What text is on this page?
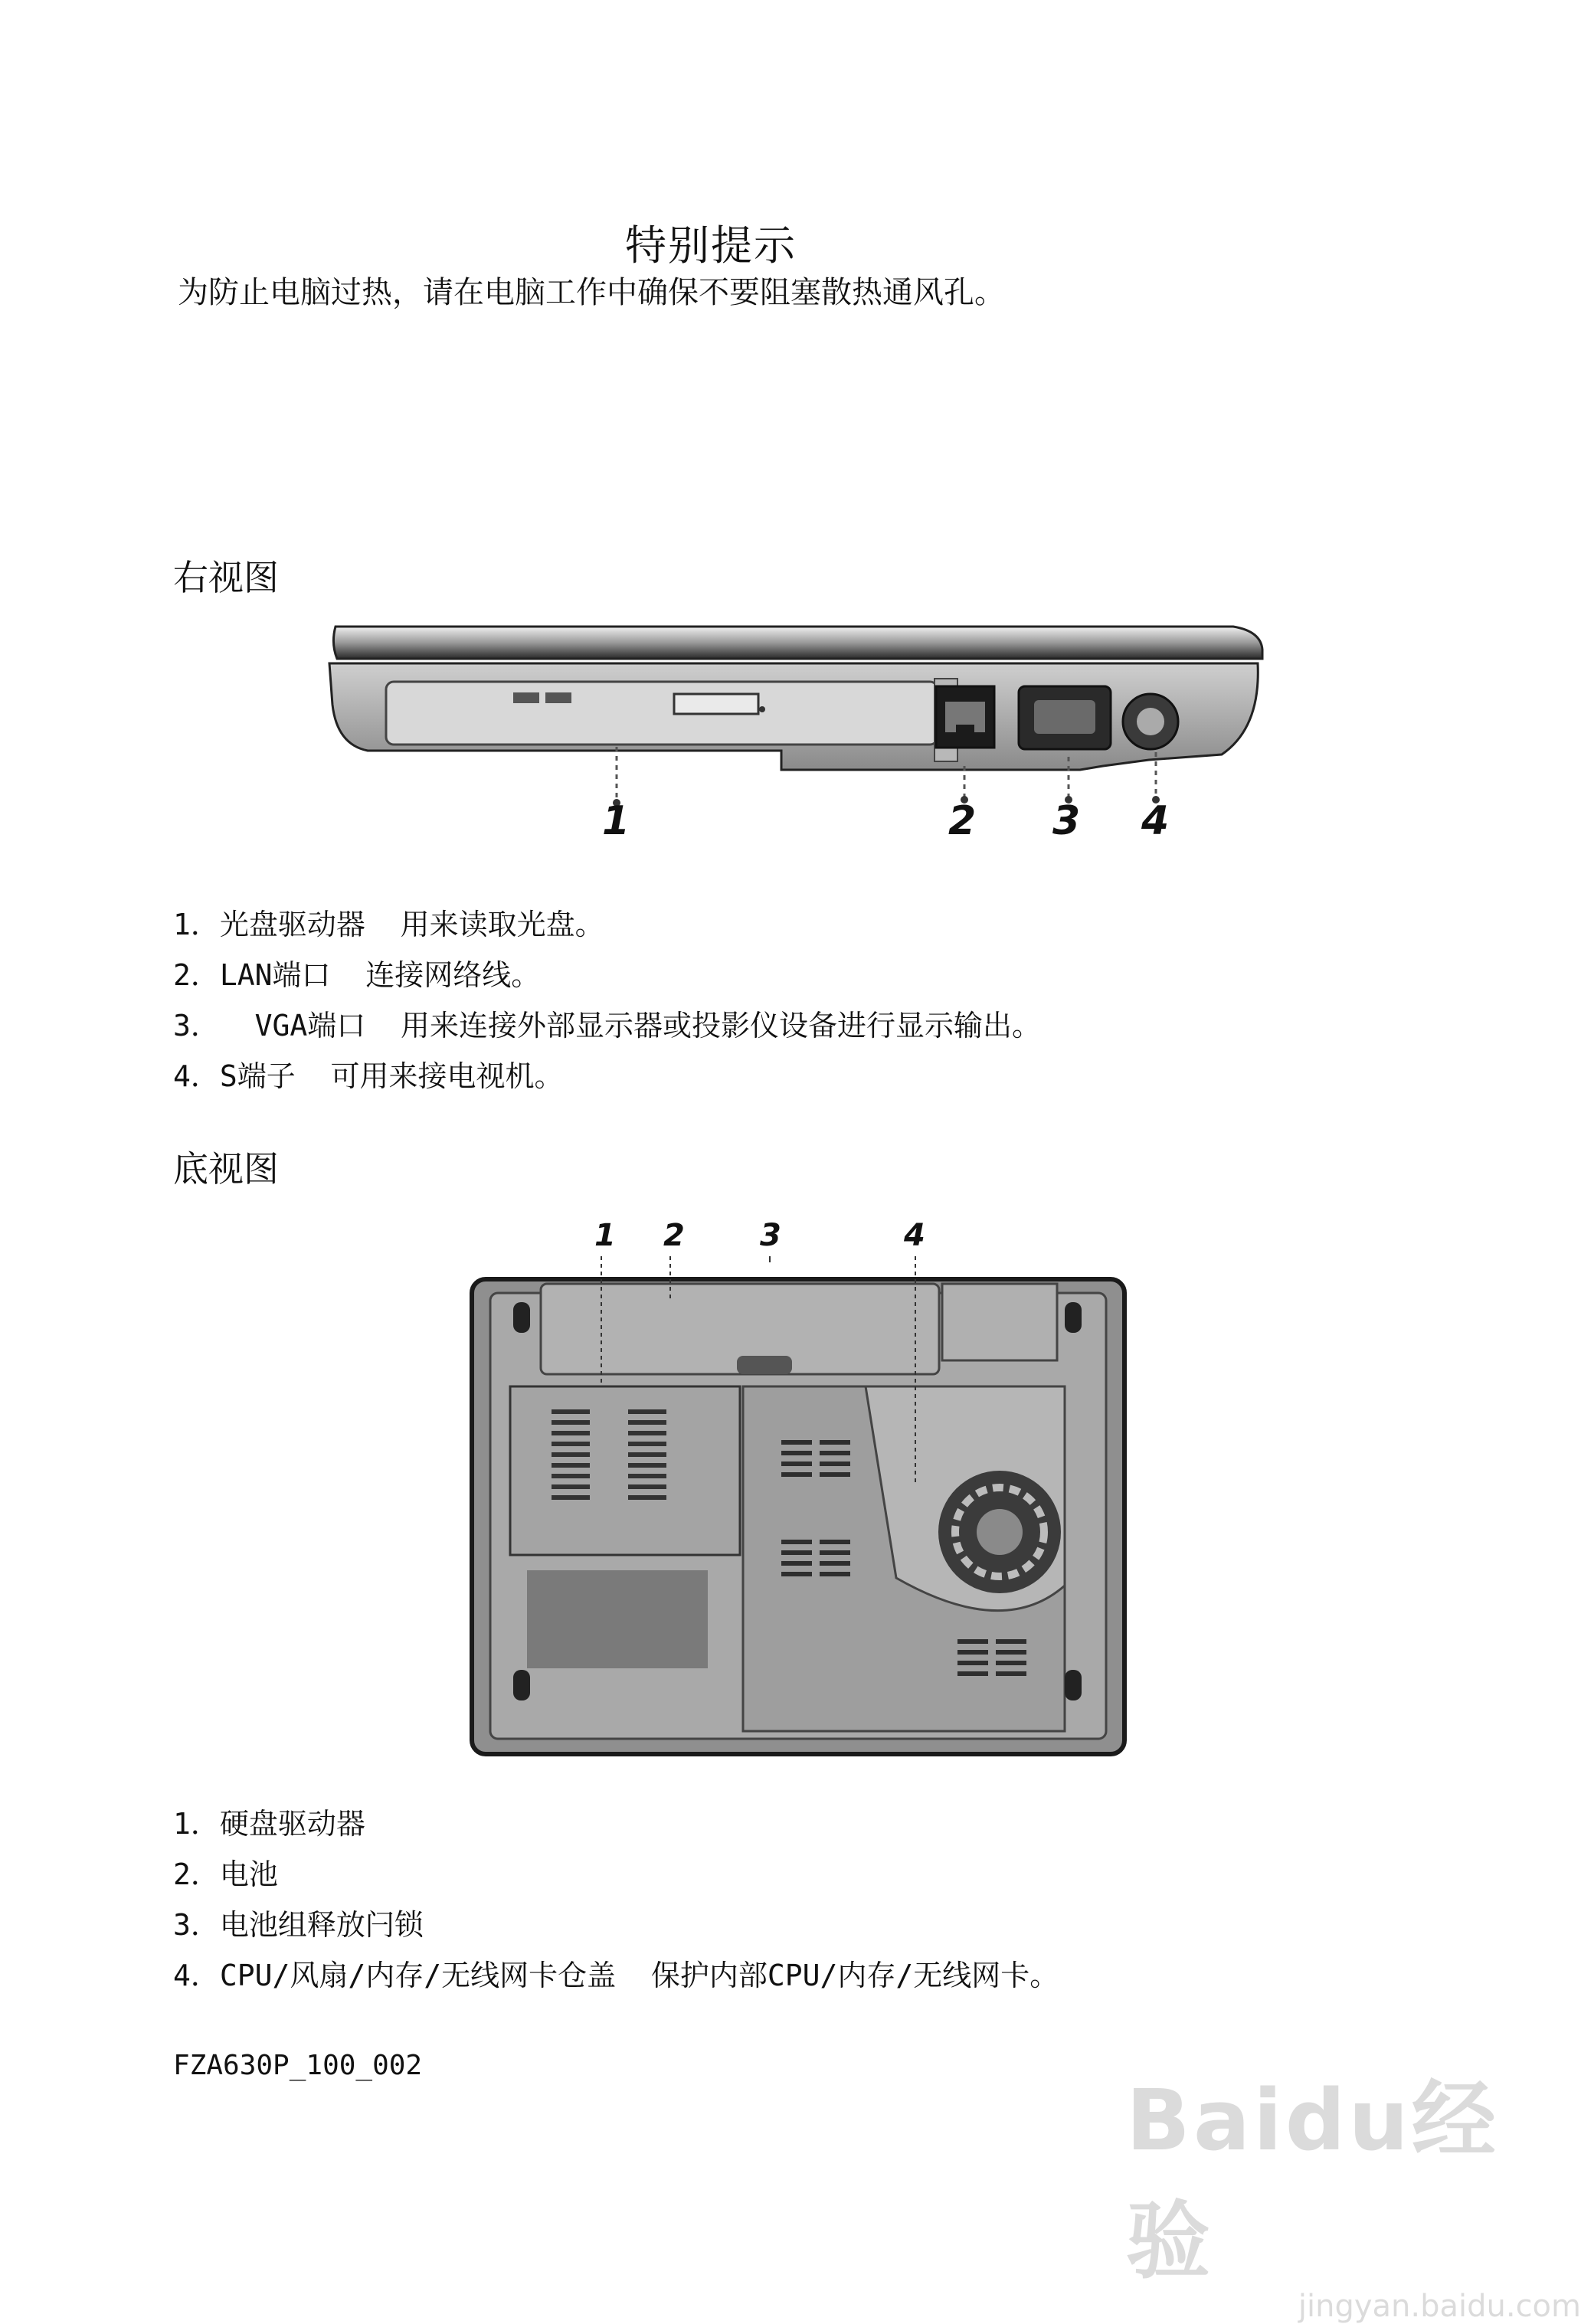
特别提示
为防止电脑过热，请在电脑工作中确保不要阻塞散热通风孔。
右视图
1	2 3 4
1．光盘驱动器  用来读取光盘。
2．LAN端口  连接网络线。
3．  VGA端口  用来连接外部显示器或投影仪设备进行显示输出。
4．S端子  可用来接电视机。
底视图
1 2 3	4
1．硬盘驱动器
2．电池
3．电池组释放闩锁
4．CPU/风扇/内存/无线网卡仓盖  保护内部CPU/内存/无线网卡。
FZA630P_100_002
Baidu经验
jingyan.baidu.com
